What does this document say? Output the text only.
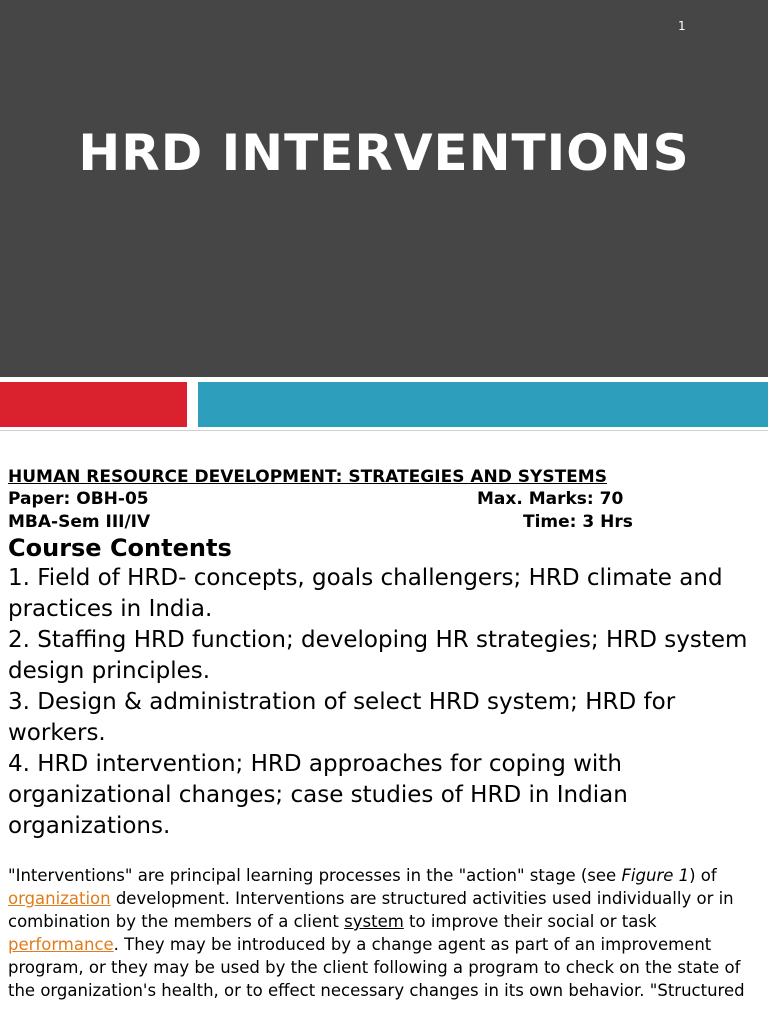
1
HRD INTERVENTIONS
HUMAN RESOURCE DEVELOPMENT: STRATEGIES AND SYSTEMS
Paper: OBH-05	Max. Marks: 70
MBA-Sem III/IV	Time: 3 Hrs
Course Contents

1. Field of HRD- concepts, goals challengers; HRD climate and practices in India.

2. Staffing HRD function; developing HR strategies; HRD system design principles.

3. Design & administration of select HRD system; HRD for workers.

4. HRD intervention; HRD approaches for coping with organizational changes; case studies of HRD in Indian organizations.

"Interventions" are principal learning processes in the "action" stage (see Figure 1) of organization development. Interventions are structured activities used individually or in combination by the members of a client system to improve their social or task performance. They may be introduced by a change agent as part of an improvement program, or they may be used by the client following a program to check on the state of the organization's health, or to effect necessary changes in its own behavior. "Structured
